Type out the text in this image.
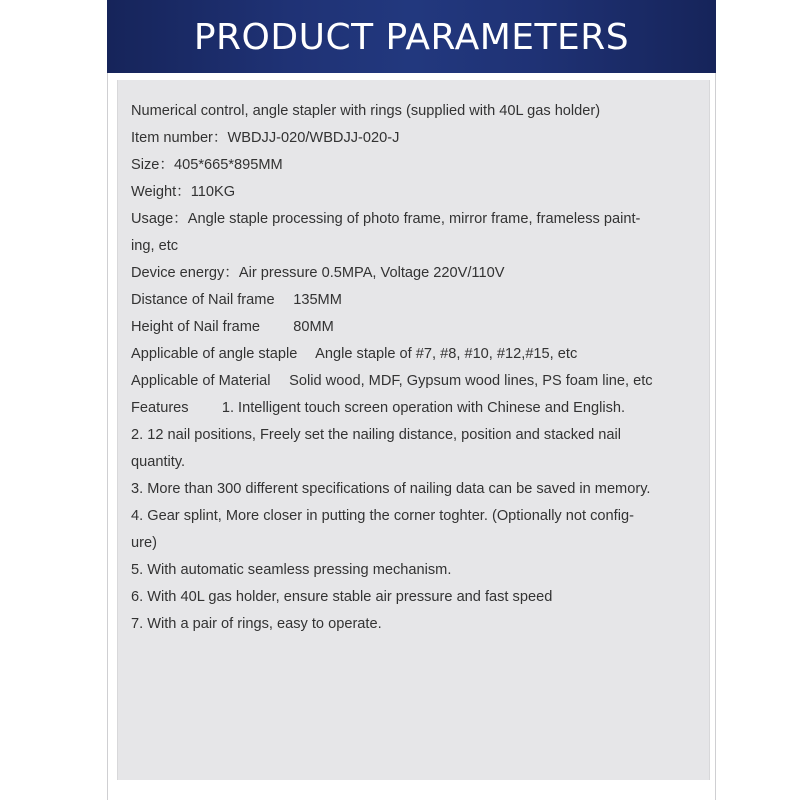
PRODUCT PARAMETERS
Numerical control, angle stapler with rings (supplied with 40L gas holder)
Item number：WBDJJ-020/WBDJJ-020-J
Size：405*665*895MM
Weight：110KG
Usage：Angle staple processing of photo frame, mirror frame, frameless paint-
ing, etc
Device energy：Air pressure 0.5MPA, Voltage 220V/110V
Distance of Nail frame  135MM
Height of Nail frame   80MM
Applicable of angle staple  Angle staple of #7, #8, #10, #12,#15, etc
Applicable of Material  Solid wood, MDF, Gypsum wood lines, PS foam line, etc
Features   1. Intelligent touch screen operation with Chinese and English.
2. 12 nail positions, Freely set the nailing distance, position and stacked nail
quantity.
3. More than 300 different specifications of nailing data can be saved in memory.
4. Gear splint, More closer in putting the corner toghter. (Optionally not config-
ure)
5. With automatic seamless pressing mechanism.
6. With 40L gas holder, ensure stable air pressure and fast speed
7. With a pair of rings, easy to operate.
